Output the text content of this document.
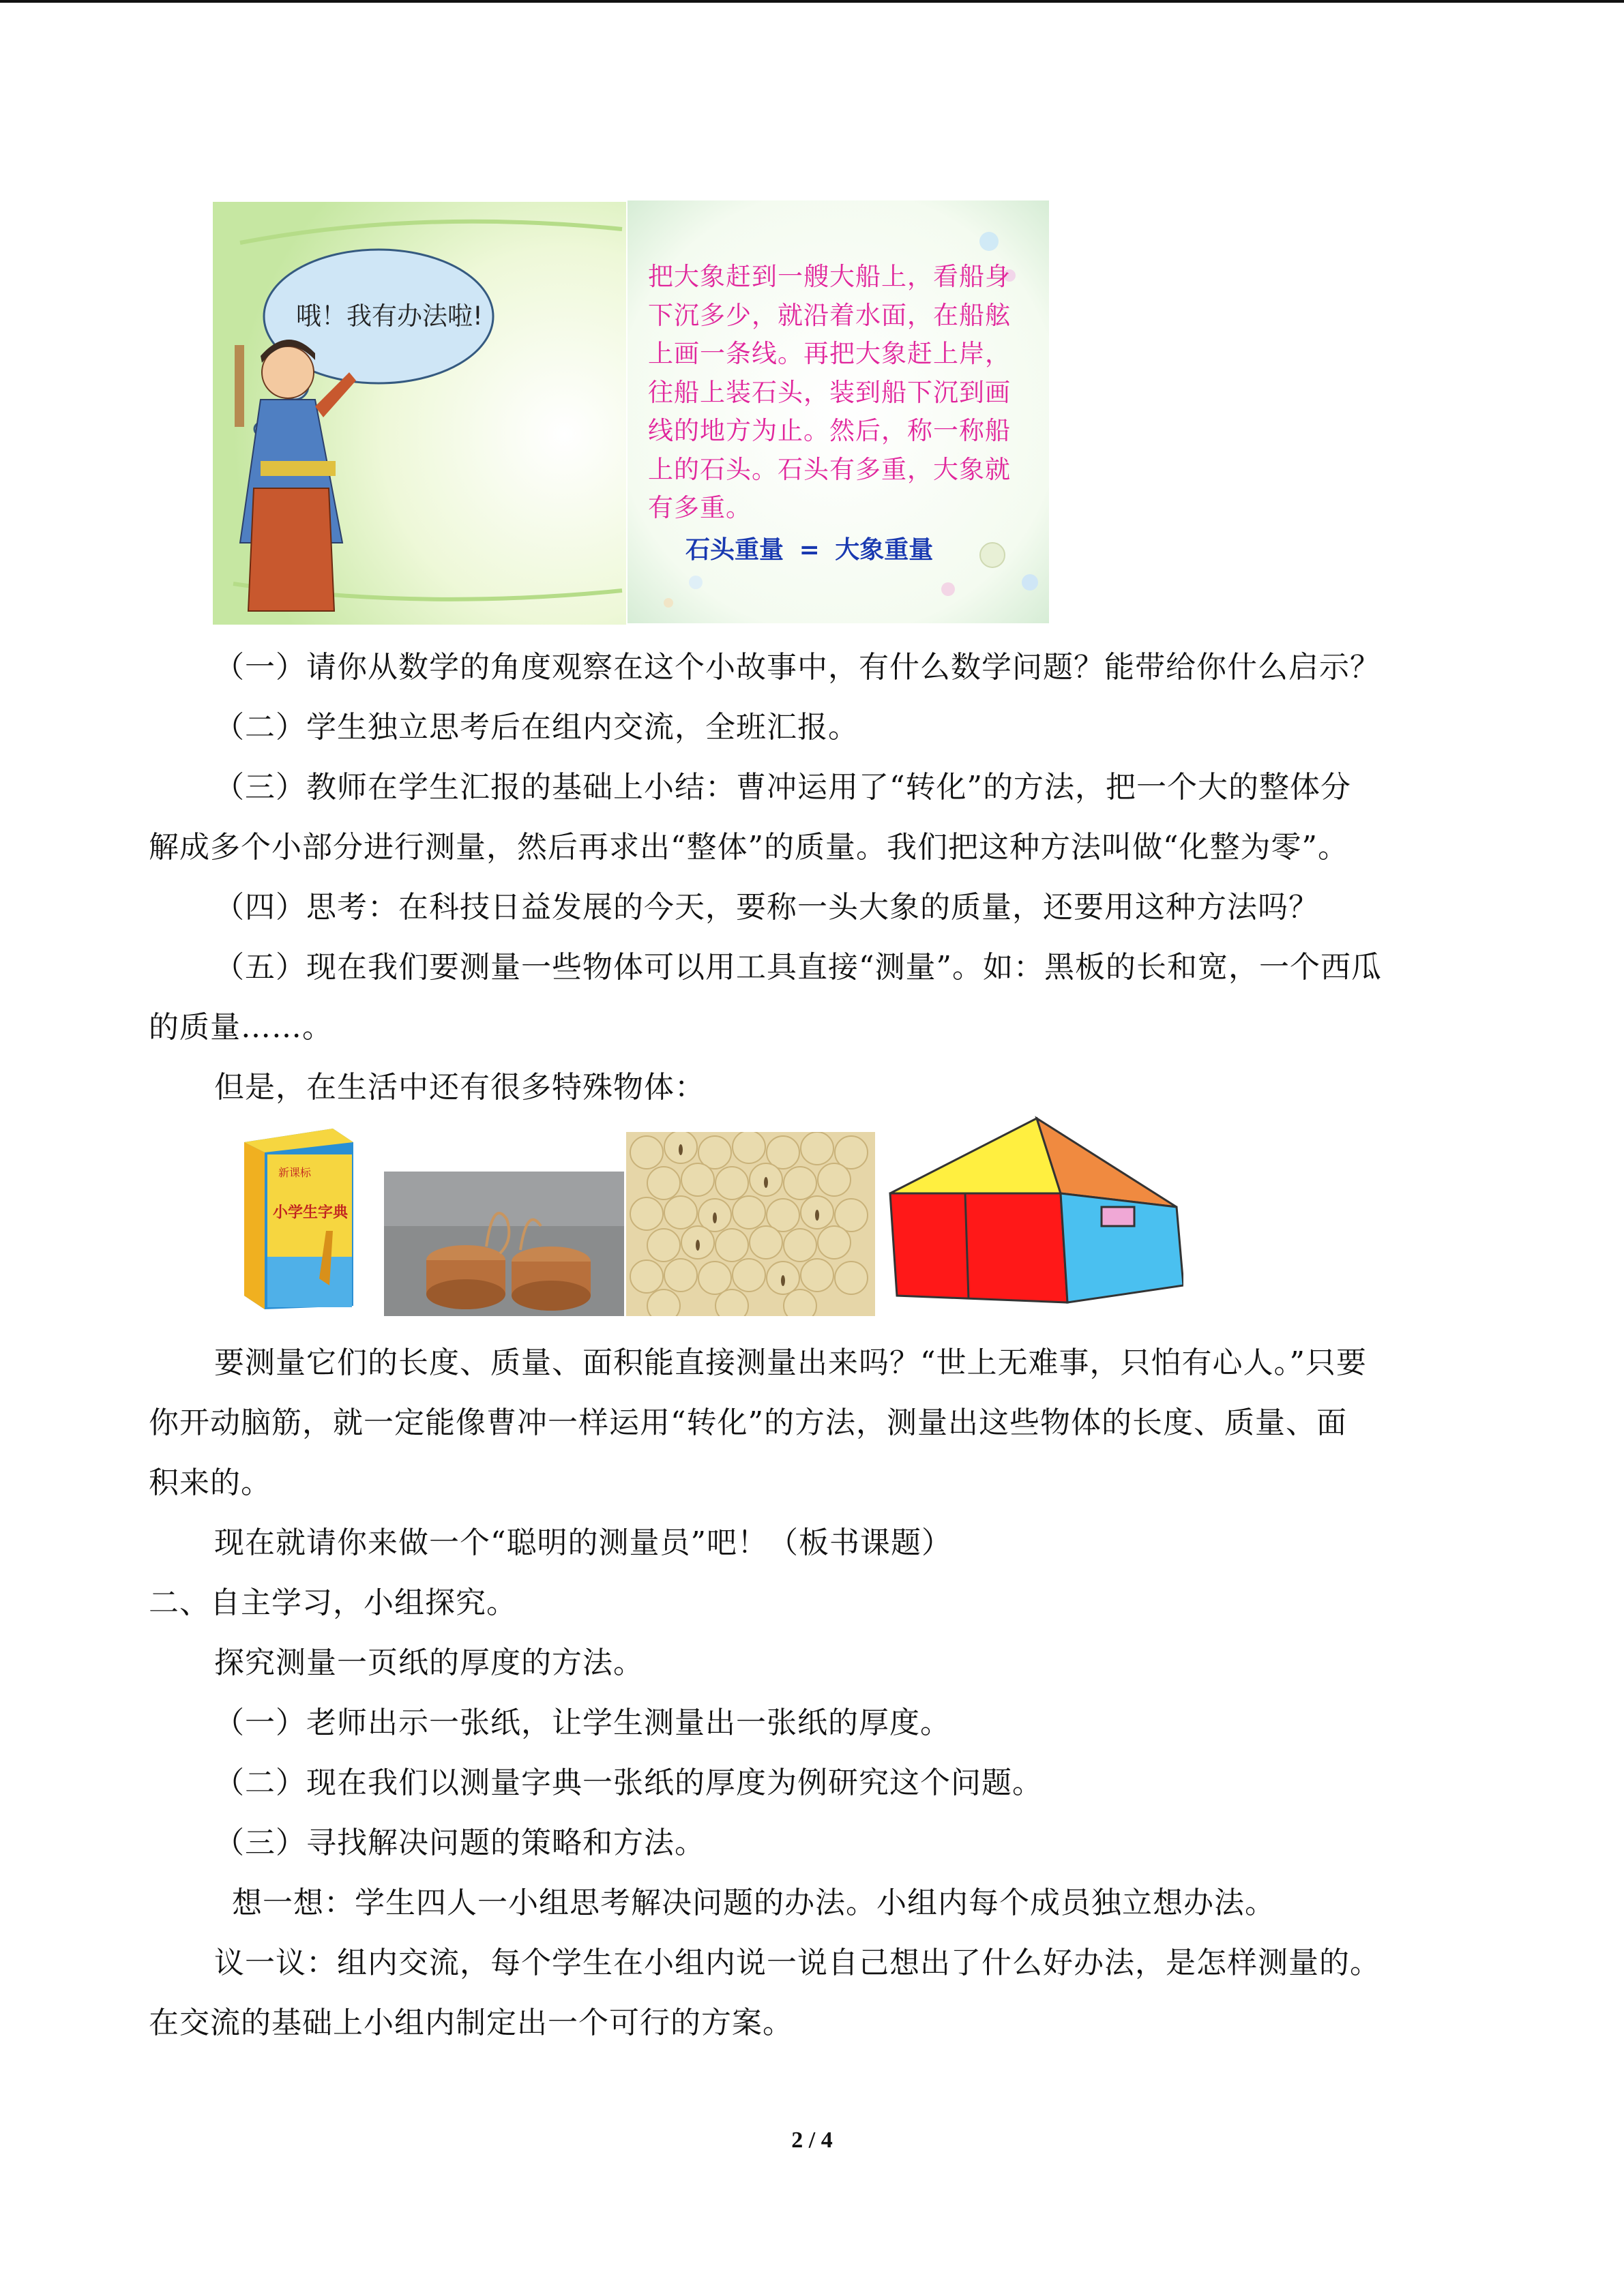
哦！我有办法啦!
把大象赶到一艘大船上，看船身下沉多少，就沿着水面，在船舷上画一条线。再把大象赶上岸，往船上装石头，装到船下沉到画线的地方为止。然后，称一称船上的石头。石头有多重，大象就有多重。
石头重量 = 大象重量
（一）请你从数学的角度观察在这个小故事中，有什么数学问题？能带给你什么启示？
（二）学生独立思考后在组内交流，全班汇报。
（三）教师在学生汇报的基础上小结：曹冲运用了“转化”的方法，把一个大的整体分
解成多个小部分进行测量，然后再求出“整体”的质量。我们把这种方法叫做“化整为零”。
（四）思考：在科技日益发展的今天，要称一头大象的质量，还要用这种方法吗？
（五）现在我们要测量一些物体可以用工具直接“测量”。如：黑板的长和宽，一个西瓜
的质量……。
但是，在生活中还有很多特殊物体：
新课标
小学生字典
要测量它们的长度、质量、面积能直接测量出来吗？“世上无难事，只怕有心人。”只要
你开动脑筋，就一定能像曹冲一样运用“转化”的方法，测量出这些物体的长度、质量、面
积来的。
现在就请你来做一个“聪明的测量员”吧！（板书课题）
二、自主学习，小组探究。
探究测量一页纸的厚度的方法。
（一）老师出示一张纸，让学生测量出一张纸的厚度。
（二）现在我们以测量字典一张纸的厚度为例研究这个问题。
（三）寻找解决问题的策略和方法。
想一想：学生四人一小组思考解决问题的办法。小组内每个成员独立想办法。
议一议：组内交流，每个学生在小组内说一说自己想出了什么好办法，是怎样测量的。
在交流的基础上小组内制定出一个可行的方案。
2 / 4
